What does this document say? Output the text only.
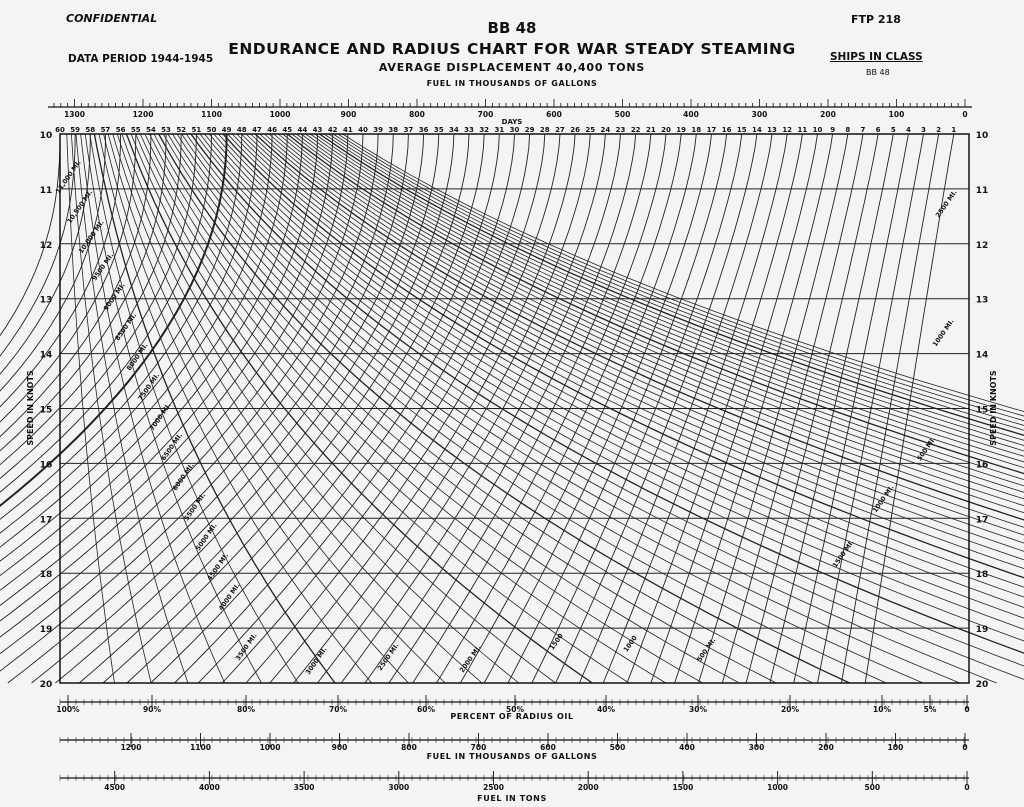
CONFIDENTIAL	FTP 218
BB 48
ENDURANCE AND RADIUS CHART FOR WAR STEADY STEAMING
AVERAGE DISPLACEMENT 40,400 TONS
DATA PERIOD 1944-1945	SHIPS IN CLASS
BB 48
10	10
11	11
12	12
13	13
14	14
15	15
16	16
17	17
18	18
19	19
20	20
FUEL IN THOUSANDS OF GALLONS
1300	1200	1100	1000	900	800	700	600	500	400	300	200	100	0
DAYS
1
2
3
4
5
6
7
8
9
10
11
12
13
14
15
16
17
18
19
20
21
22
23
24
25
26
27
28
29
30
31
32
33
34
35
36
37
38
39
40
41
42
43
44
45
46
47
48
49
50
51
52
53
54
55
56
57
58
59
60
SPEED IN KNOTS	SPEED IN KNOTS
100%	90%	80%	70%	60%	50%	40%	30%	20%	10%	5%	0
PERCENT OF RADIUS OIL
1200	1100	1000	900	800	700	600	500	400	300	200	100	0
FUEL IN THOUSANDS OF GALLONS
4500	4000	3500	3000	2500	2000	1500	1000	500	0
FUEL IN TONS
11,000 MI.
10,500 MI.
10,000 MI.
9500 MI.
9000 MI.
8500 MI.
8000 MI.
7500 MI.
7000 MI.
6500 MI.
6000 MI.
5500 MI.
5000 MI.
4500 MI.
4000 MI.
3500 MI.	3000 MI.	2500 MI.	2000 MI.
1500	1000	500 MI.
1500 MI.
1000 MI.
500 MI.
1000 MI.
2500 MI.
